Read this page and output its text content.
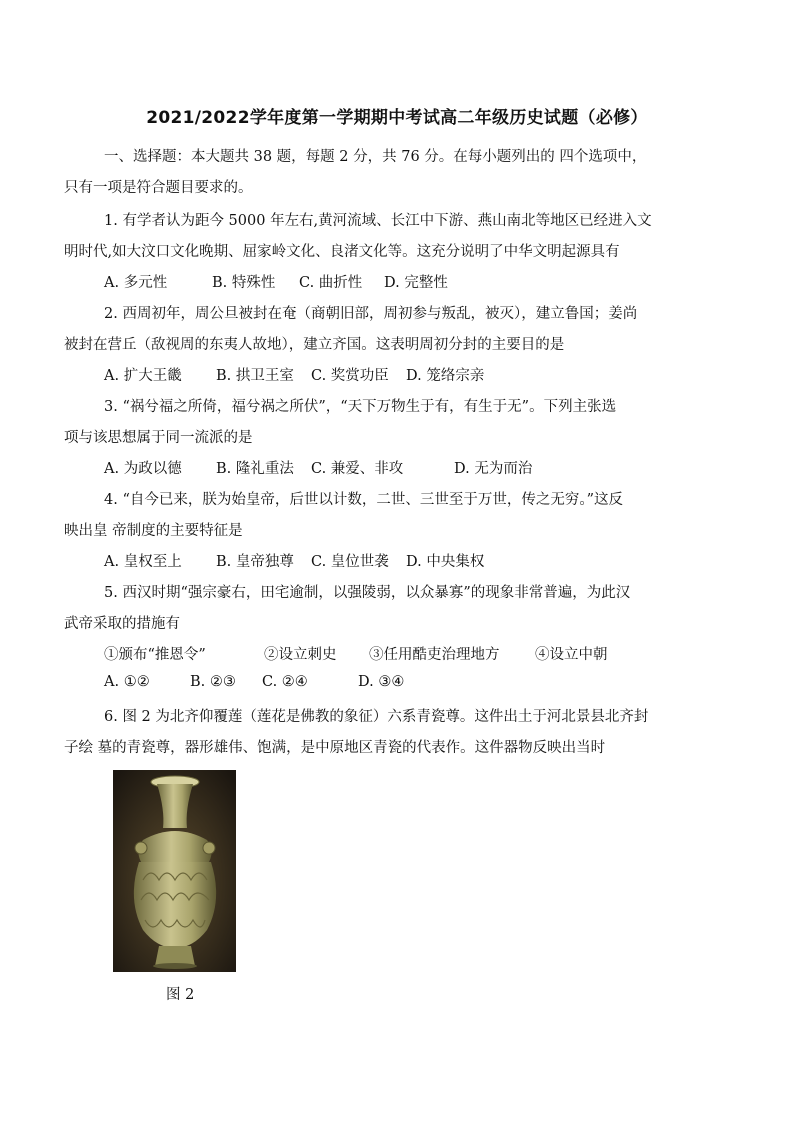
2021/2022学年度第一学期期中考试高二年级历史试题（必修）
一、选择题：本大题共 38 题，每题 2 分，共 76 分。在每小题列出的 四个选项中，
只有一项是符合题目要求的。
1. 有学者认为距今 5000 年左右,黄河流域、长江中下游、燕山南北等地区已经进入文
明时代,如大汶口文化晚期、屈家岭文化、良渚文化等。这充分说明了中华文明起源具有
A. 多元性	B. 特殊性 C. 曲折性 D. 完整性
2. 西周初年，周公旦被封在奄（商朝旧部，周初参与叛乱，被灭），建立鲁国；姜尚
被封在营丘（敌视周的东夷人故地），建立齐国。这表明周初分封的主要目的是
A. 扩大王畿 B. 拱卫王室 C. 奖赏功臣 D. 笼络宗亲
3. “祸兮福之所倚，福兮祸之所伏”，“天下万物生于有，有生于无”。下列主张选
项与该思想属于同一流派的是
A. 为政以德 B. 隆礼重法 C. 兼爱、非攻	D. 无为而治
4. “自今已来，朕为始皇帝，后世以计数，二世、三世至于万世，传之无穷。”这反
映出皇 帝制度的主要特征是
A. 皇权至上 B. 皇帝独尊 C. 皇位世袭 D. 中央集权
5. 西汉时期“强宗豪右，田宅逾制，以强陵弱，以众暴寡”的现象非常普遍，为此汉
武帝采取的措施有
①颁布“推恩令”	②设立刺史 ③任用酷吏治理地方 ④设立中朝
A. ①②	B. ②③ C. ②④	D. ③④
6. 图 2 为北齐仰覆莲（莲花是佛教的象征）六系青瓷尊。这件出土于河北景县北齐封
子绘 墓的青瓷尊，器形雄伟、饱满，是中原地区青瓷的代表作。这件器物反映出当时
图 2
